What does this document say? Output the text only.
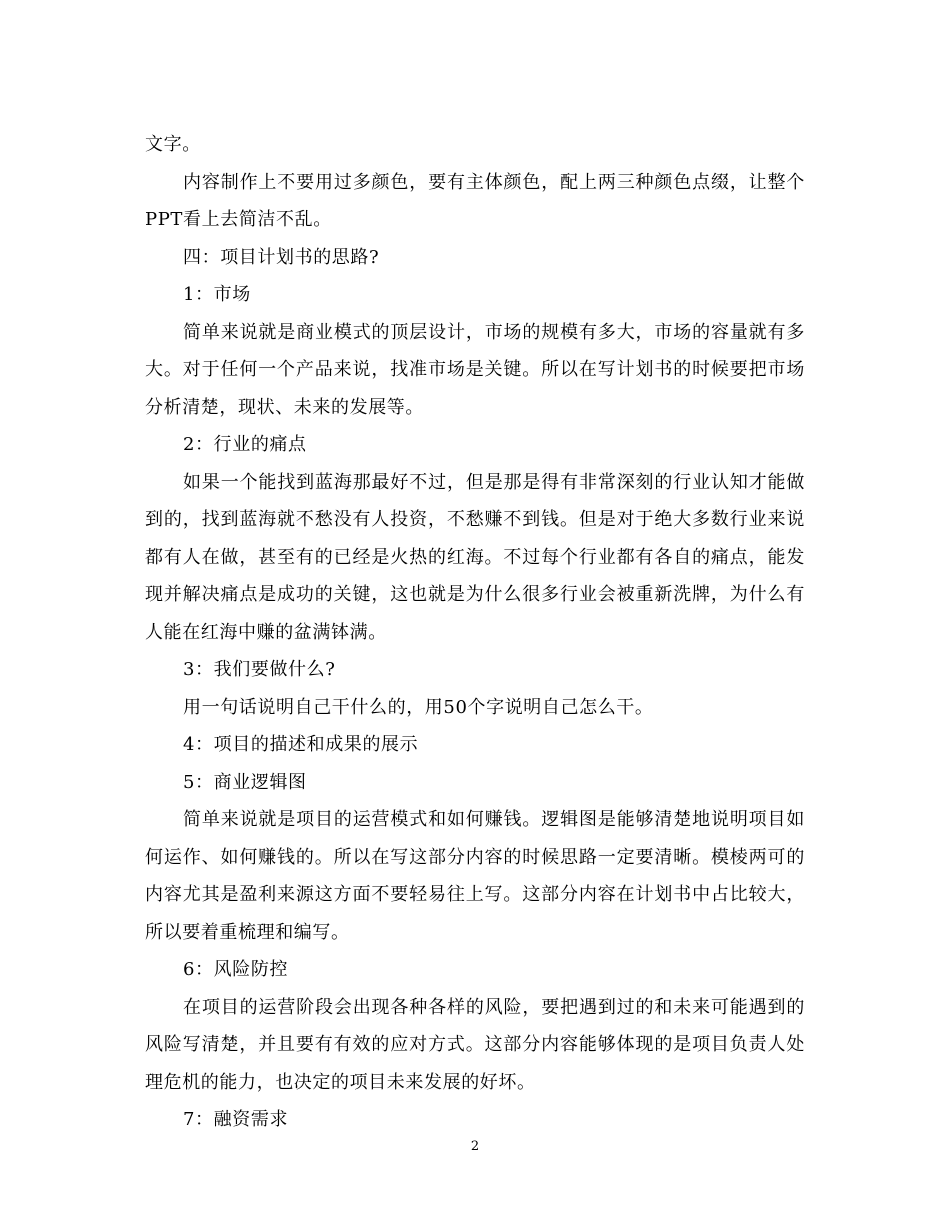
文字。

内容制作上不要用过多颜色，要有主体颜色，配上两三种颜色点缀，让整个PPT看上去简洁不乱。

四：项目计划书的思路?

1：市场

简单来说就是商业模式的顶层设计，市场的规模有多大，市场的容量就有多大。对于任何一个产品来说，找准市场是关键。所以在写计划书的时候要把市场分析清楚，现状、未来的发展等。

2：行业的痛点

如果一个能找到蓝海那最好不过，但是那是得有非常深刻的行业认知才能做到的，找到蓝海就不愁没有人投资，不愁赚不到钱。但是对于绝大多数行业来说都有人在做，甚至有的已经是火热的红海。不过每个行业都有各自的痛点，能发现并解决痛点是成功的关键，这也就是为什么很多行业会被重新洗牌，为什么有人能在红海中赚的盆满钵满。

3：我们要做什么?

用一句话说明自己干什么的，用50个字说明自己怎么干。

4：项目的描述和成果的展示

5：商业逻辑图

简单来说就是项目的运营模式和如何赚钱。逻辑图是能够清楚地说明项目如何运作、如何赚钱的。所以在写这部分内容的时候思路一定要清晰。模棱两可的内容尤其是盈利来源这方面不要轻易往上写。这部分内容在计划书中占比较大，所以要着重梳理和编写。

6：风险防控

在项目的运营阶段会出现各种各样的风险，要把遇到过的和未来可能遇到的风险写清楚，并且要有有效的应对方式。这部分内容能够体现的是项目负责人处理危机的能力，也决定的项目未来发展的好坏。

7：融资需求

2
